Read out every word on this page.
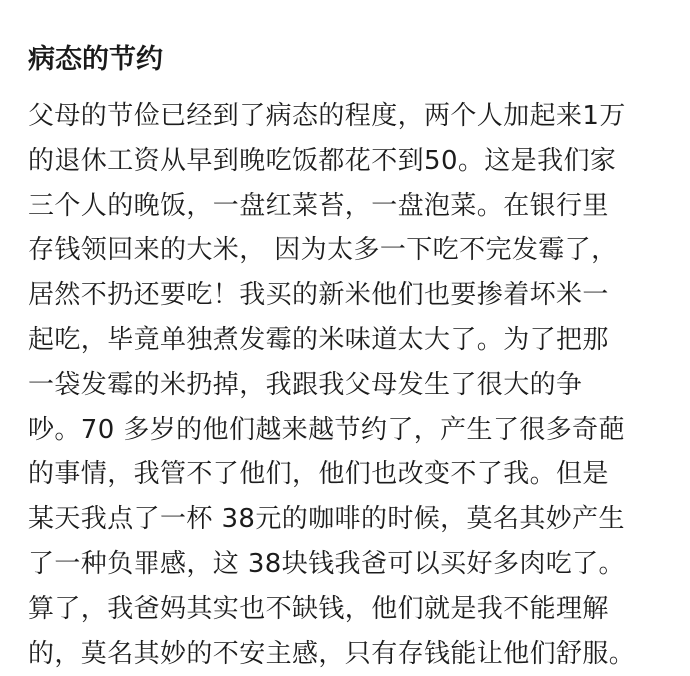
病态的节约
父母的节俭已经到了病态的程度，两个人加起来1万
的退休工资从早到晚吃饭都花不到50。这是我们家
三个人的晚饭，一盘红菜苔，一盘泡菜。在银行里
存钱领回来的大米， 因为太多一下吃不完发霉了，
居然不扔还要吃！我买的新米他们也要掺着坏米一
起吃，毕竟单独煮发霉的米味道太大了。为了把那
一袋发霉的米扔掉，我跟我父母发生了很大的争
吵。70 多岁的他们越来越节约了，产生了很多奇葩
的事情，我管不了他们，他们也改变不了我。但是
某天我点了一杯 38元的咖啡的时候，莫名其妙产生
了一种负罪感，这 38块钱我爸可以买好多肉吃了。
算了，我爸妈其实也不缺钱，他们就是我不能理解
的，莫名其妙的不安主感，只有存钱能让他们舒服。
